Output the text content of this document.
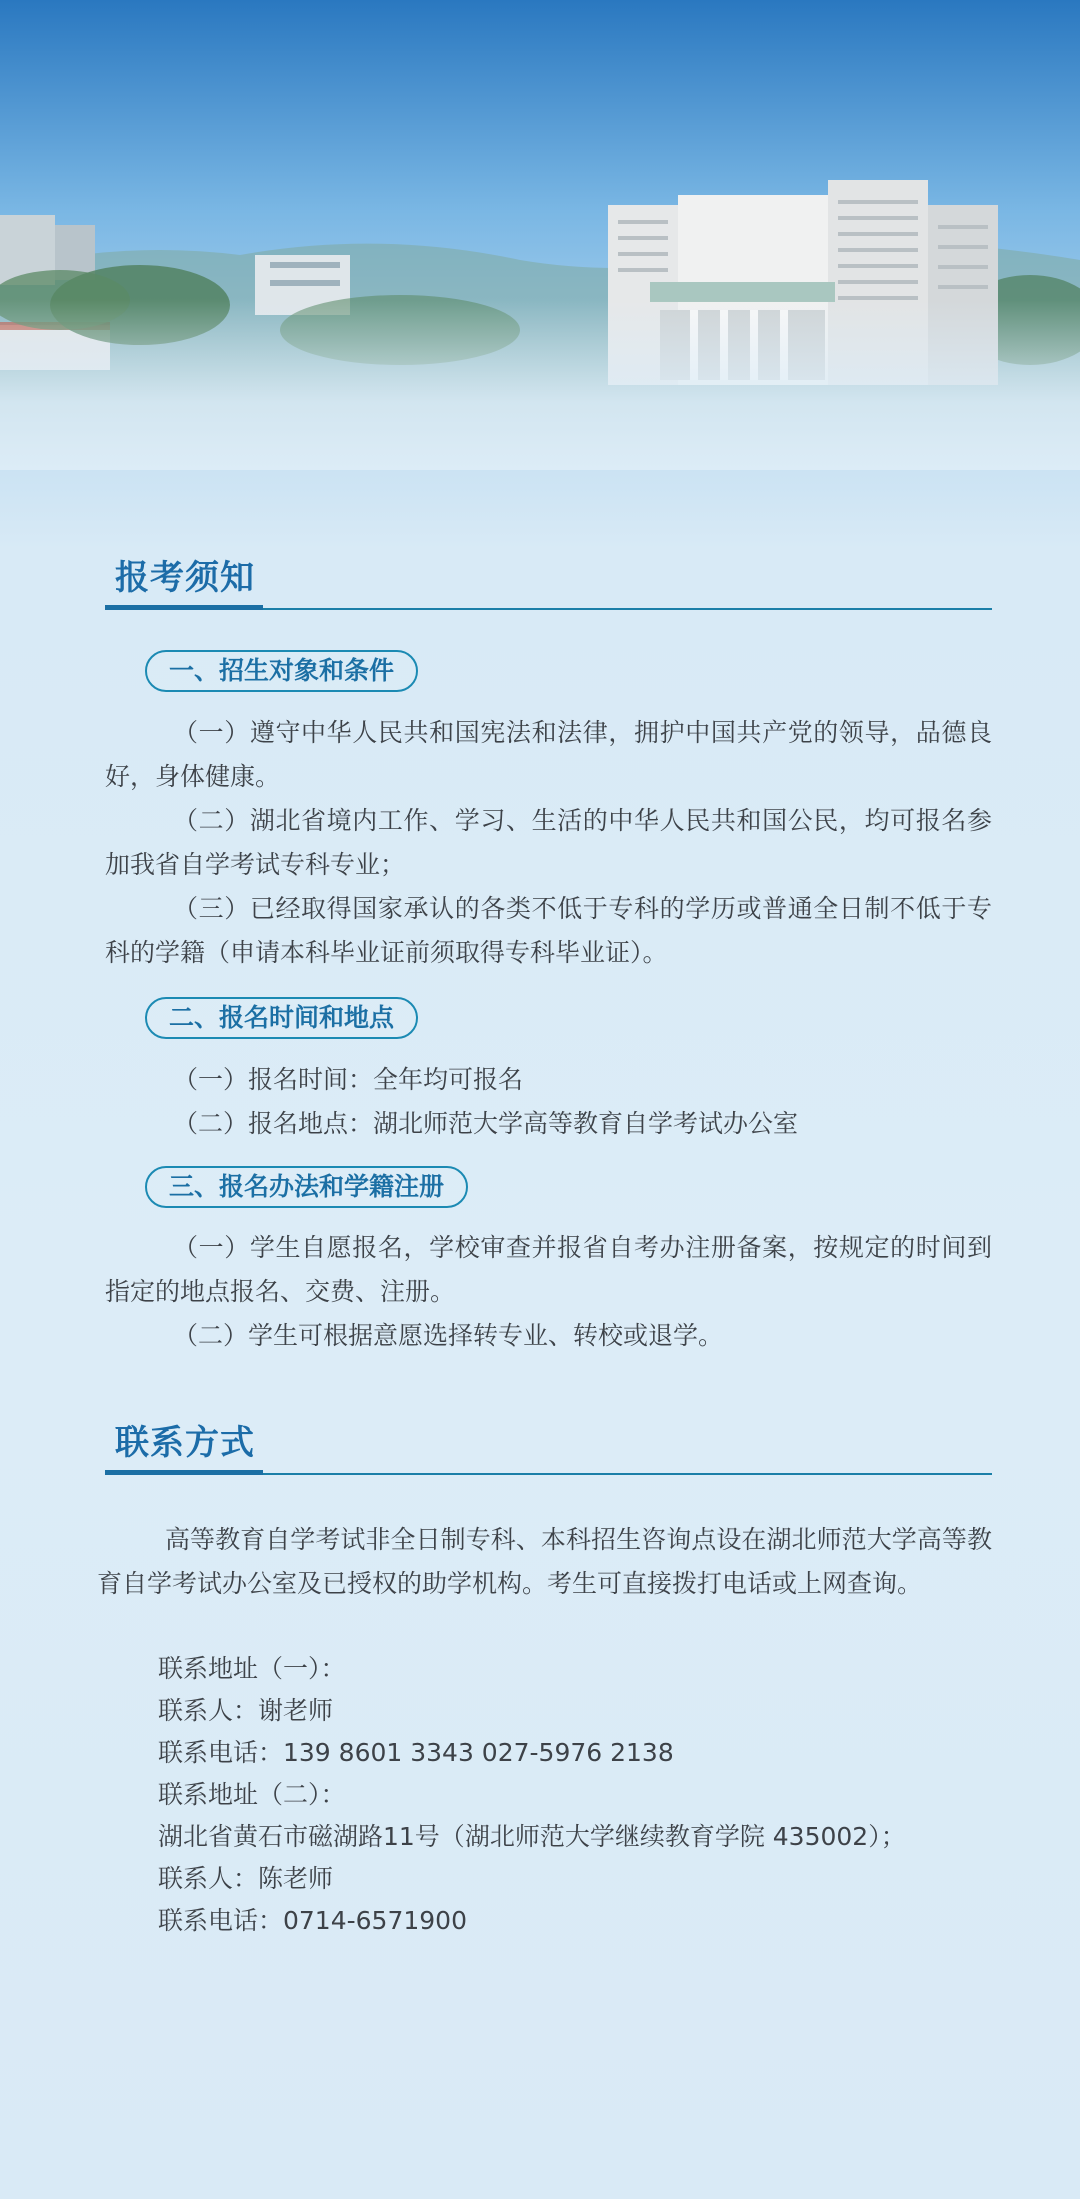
报考须知
一、招生对象和条件
（一）遵守中华人民共和国宪法和法律，拥护中国共产党的领导，品德良好，身体健康。
（二）湖北省境内工作、学习、生活的中华人民共和国公民，均可报名参加我省自学考试专科专业；
（三）已经取得国家承认的各类不低于专科的学历或普通全日制不低于专科的学籍（申请本科毕业证前须取得专科毕业证）。
二、报名时间和地点
（一）报名时间：全年均可报名
（二）报名地点：湖北师范大学高等教育自学考试办公室
三、报名办法和学籍注册
（一）学生自愿报名，学校审查并报省自考办注册备案，按规定的时间到指定的地点报名、交费、注册。
（二）学生可根据意愿选择转专业、转校或退学。
联系方式
高等教育自学考试非全日制专科、本科招生咨询点设在湖北师范大学高等教育自学考试办公室及已授权的助学机构。考生可直接拨打电话或上网查询。
联系地址（一）：
联系人：谢老师
联系电话：139 8601 3343 027-5976 2138
联系地址（二）：
湖北省黄石市磁湖路11号（湖北师范大学继续教育学院 435002）；
联系人：陈老师
联系电话：0714-6571900
